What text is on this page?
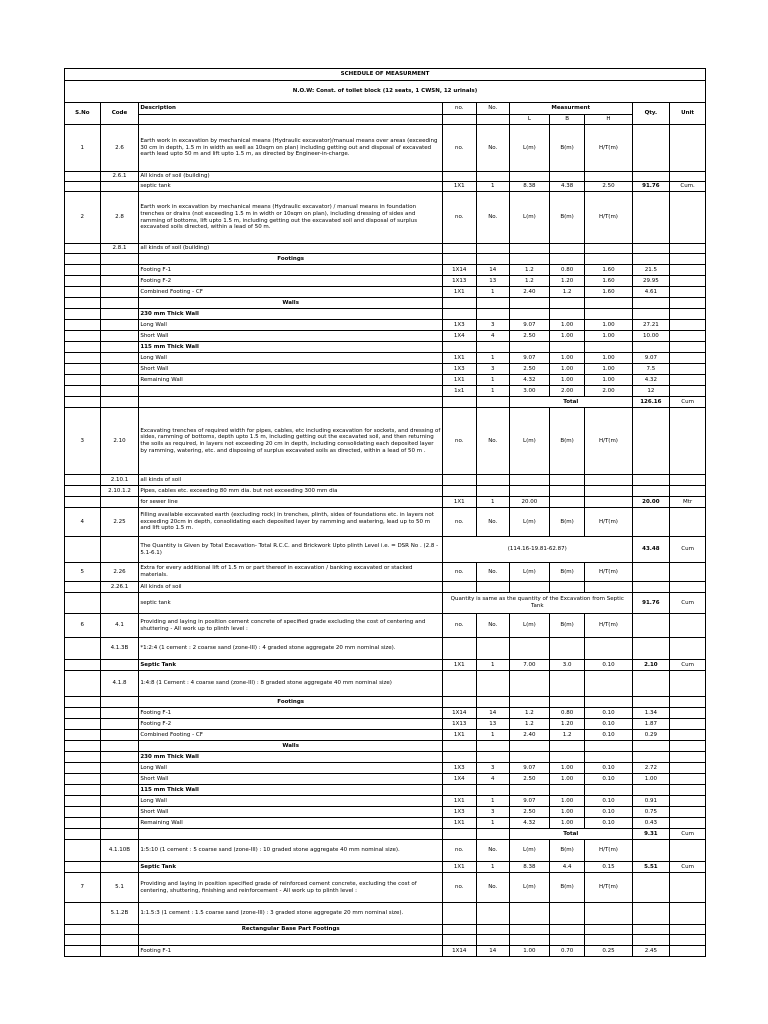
SCHEDULE OF MEASURMENT									
N.O.W: Const. of toilet block (12 seats, 1 CWSN, 12 urinals)									
S.No	Code	Description	no.	No.	Measurment			Qty.	Unit
					L	B	H		
1	2.6	Earth work in excavation by mechanical means (Hydraulic excavator)/manual means over areas (exceeding 30 cm in depth, 1.5 m in width as well as 10sqm on plan) including getting out and disposal of excavated earth lead upto 50 m and lift upto 1.5 m, as directed by Engineer-in-charge.	no.	No.	L(m)	B(m)	H/T(m)		
	2.6.1	All kinds of soil (building)							
		septic tank	1X1	1	8.38	4.38	2.50	91.76	Cum.
2	2.8	Earth work in excavation by mechanical means (Hydraulic excavator) / manual means in foundation trenches or drains (not exceeding 1.5 m in width or 10sqm on plan), including dressing of sides and ramming of bottoms, lift upto 1.5 m, including getting out the excavated soil and disposal of surplus excavated soils directed, within a lead of 50 m.	no.	No.	L(m)	B(m)	H/T(m)		
	2.8.1	all kinds of soil (building)							
		Footings							
		Footing F-1	1X14	14	1.2	0.80	1.60	21.5	
		Footing F-2	1X13	13	1.2	1.20	1.60	29.95	
		Combined Footing - CF	1X1	1	2.40	1.2	1.60	4.61	
		Walls							
		230 mm Thick Wall							
		Long Wall	1X3	3	9.07	1.00	1.00	27.21	
		Short Wall	1X4	4	2.50	1.00	1.00	10.00	
		115 mm Thick Wall							
		Long Wall	1X1	1	9.07	1.00	1.00	9.07	
		Short Wall	1X3	3	2.50	1.00	1.00	7.5	
		Remaining Wall	1X1	1	4.32	1.00	1.00	4.32	
			1x1	1	3.00	2.00	2.00	12	
					Total			126.16	Cum
3	2.10	Excavating trenches of required width for pipes, cables, etc including excavation for sockets, and dressing of sides, ramming of bottoms, depth upto 1.5 m, including getting out the excavated soil, and then returning the soils as required, in layers not exceeding 20 cm in depth, including consolidating each deposited layer by ramming, watering, etc. and disposing of surplus excavated soils as directed, within a lead of 50 m .	no.	No.	L(m)	B(m)	H/T(m)		
	2.10.1	all kinds of soil							
	2.10.1.2	Pipes, cables etc. exceeding 80 mm dia. but not exceeding 300 mm dia							
		for sewer line	1X1	1	20.00			20.00	Mtr
4	2.25	Filling available excavated earth (excluding rock) in trenches, plinth, sides of foundations etc. in layers not exceeding 20cm in depth, consolidating each deposited layer by ramming and watering, lead up to 50 m and lift upto 1.5 m.	no.	No.	L(m)	B(m)	H/T(m)		
		The Quantity is Given by Total Excavation- Total R.C.C. and Brickwork Upto plinth Level i.e. = DSR No . (2.8 - 5.1-6.1)	(114.16-19.81-62.87)					43.48	Cum
5	2.26	Extra for every additional lift of 1.5 m or part thereof in excavation / banking excavated or stacked materials.	no.	No.	L(m)	B(m)	H/T(m)		
	2.26.1	All kinds of soil							
		septic tank	Quantity is same as the quantity of the Excavation from Septic Tank					91.76	Cum
6	4.1	Providing and laying in position cement concrete of specified grade excluding the cost of centering and shuttering - All work up to plinth level :	no.	No.	L(m)	B(m)	H/T(m)		
	4.1.3B	*1:2:4 (1 cement : 2 coarse sand (zone-III) : 4 graded stone aggregate 20 mm nominal size).							
		Septic Tank	1X1	1	7.00	3.0	0.10	2.10	Cum
	4.1.8	1:4:8 (1 Cement : 4 coarse sand (zone-III) : 8 graded stone aggregate 40 mm nominal size)							
		Footings							
		Footing F-1	1X14	14	1.2	0.80	0.10	1.34	
		Footing F-2	1X13	13	1.2	1.20	0.10	1.87	
		Combined Footing - CF	1X1	1	2.40	1.2	0.10	0.29	
		Walls							
		230 mm Thick Wall							
		Long Wall	1X3	3	9.07	1.00	0.10	2.72	
		Short Wall	1X4	4	2.50	1.00	0.10	1.00	
		115 mm Thick Wall							
		Long Wall	1X1	1	9.07	1.00	0.10	0.91	
		Short Wall	1X3	3	2.50	1.00	0.10	0.75	
		Remaining Wall	1X1	1	4.32	1.00	0.10	0.43	
					Total			9.31	Cum
	4.1.10B	1:5:10 (1 cement : 5 coarse sand (zone-III) : 10 graded stone aggregate 40 mm nominal size).	no.	No.	L(m)	B(m)	H/T(m)		
		Septic Tank	1X1	1	8.38	4.4	0.15	5.51	Cum
7	5.1	Providing and laying in position specified grade of reinforced cement concrete, excluding the cost of centering, shuttering, finishing and reinforcement - All work up to plinth level :	no.	No.	L(m)	B(m)	H/T(m)		
	5.1.2B	1:1.5:3 (1 cement : 1.5 coarse sand (zone-III) : 3 graded stone aggregate 20 mm nominal size).							
		Rectangular Base Part Footings							

		Footing F-1	1X14	14	1.00	0.70	0.25	2.45	
